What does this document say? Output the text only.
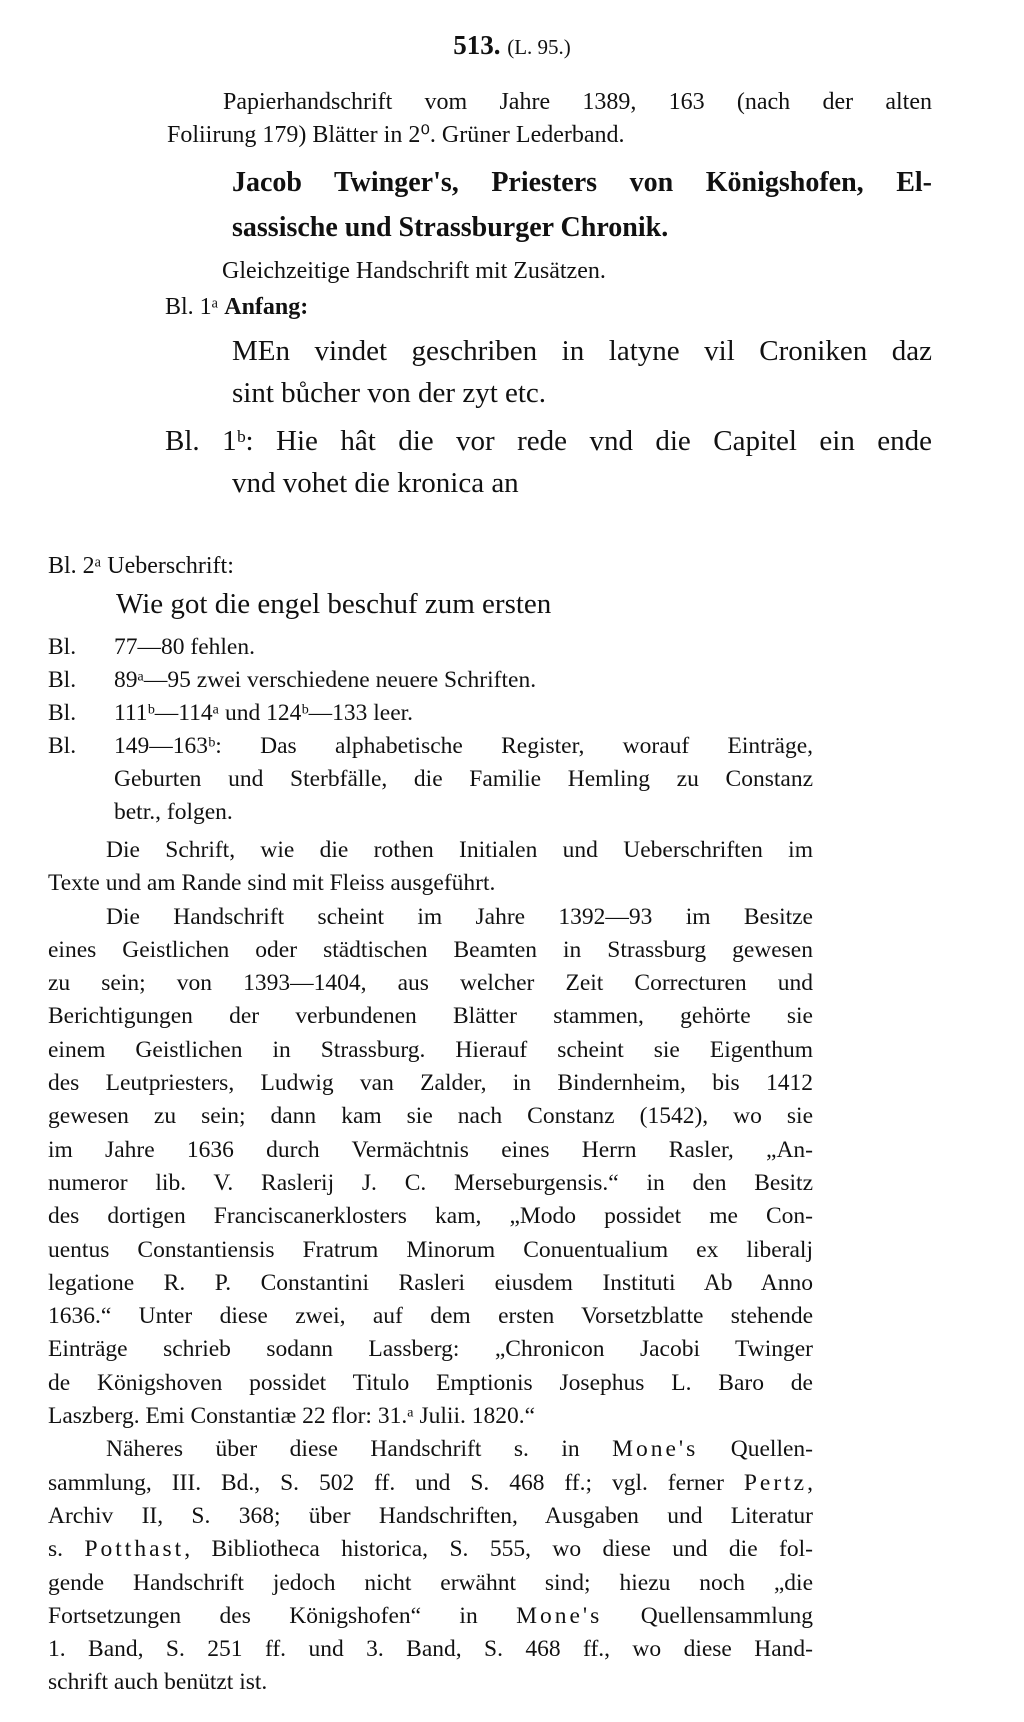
513. (L. 95.)
Papierhandschrift vom Jahre 1389, 163 (nach der alten
Foliirung 179) Blätter in 2⁰. Grüner Lederband.
Jacob Twinger's, Priesters von Königshofen, El-
sassische und Strassburger Chronik.
Gleichzeitige Handschrift mit Zusätzen.
Bl. 1ᵃ Anfang:
MEn vindet geschriben in latyne vil Croniken daz
sint bůcher von der zyt etc.
Bl. 1ᵇ: Hie hât die vor rede vnd die Capitel ein ende
vnd vohet die kronica an
Bl. 2ᵃ Ueberschrift:
Wie got die engel beschuf zum ersten
Bl. 77—80 fehlen.
Bl. 89ᵃ—95 zwei verschiedene neuere Schriften.
Bl. 111ᵇ—114ᵃ und 124ᵇ—133 leer.
Bl. 149—163ᵇ: Das alphabetische Register, worauf Einträge,
Geburten und Sterbfälle, die Familie Hemling zu Constanz
betr., folgen.

Die Schrift, wie die rothen Initialen und Ueberschriften im
Texte und am Rande sind mit Fleiss ausgeführt.

Die Handschrift scheint im Jahre 1392—93 im Besitze
eines Geistlichen oder städtischen Beamten in Strassburg gewesen
zu sein; von 1393—1404, aus welcher Zeit Correcturen und
Berichtigungen der verbundenen Blätter stammen, gehörte sie
einem Geistlichen in Strassburg. Hierauf scheint sie Eigenthum
des Leutpriesters, Ludwig van Zalder, in Bindernheim, bis 1412
gewesen zu sein; dann kam sie nach Constanz (1542), wo sie
im Jahre 1636 durch Vermächtnis eines Herrn Rasler, „An-
numeror lib. V. Raslerij J. C. Merseburgensis.“ in den Besitz
des dortigen Franciscanerklosters kam, „Modo possidet me Con-
uentus Constantiensis Fratrum Minorum Conuentualium ex liberalj
legatione R. P. Constantini Rasleri eiusdem Instituti Ab Anno
1636.“ Unter diese zwei, auf dem ersten Vorsetzblatte stehende
Einträge schrieb sodann Lassberg: „Chronicon Jacobi Twinger
de Königshoven possidet Titulo Emptionis Josephus L. Baro de
Laszberg. Emi Constantiæ 22 flor: 31.ᵃ Julii. 1820.“

Näheres über diese Handschrift s. in Mone's Quellen-
sammlung, III. Bd., S. 502 ff. und S. 468 ff.; vgl. ferner Pertz,
Archiv II, S. 368; über Handschriften, Ausgaben und Literatur
s. Potthast, Bibliotheca historica, S. 555, wo diese und die fol-
gende Handschrift jedoch nicht erwähnt sind; hiezu noch „die
Fortsetzungen des Königshofen“ in Mone's Quellensammlung
1. Band, S. 251 ff. und 3. Band, S. 468 ff., wo diese Hand-
schrift auch benützt ist.
